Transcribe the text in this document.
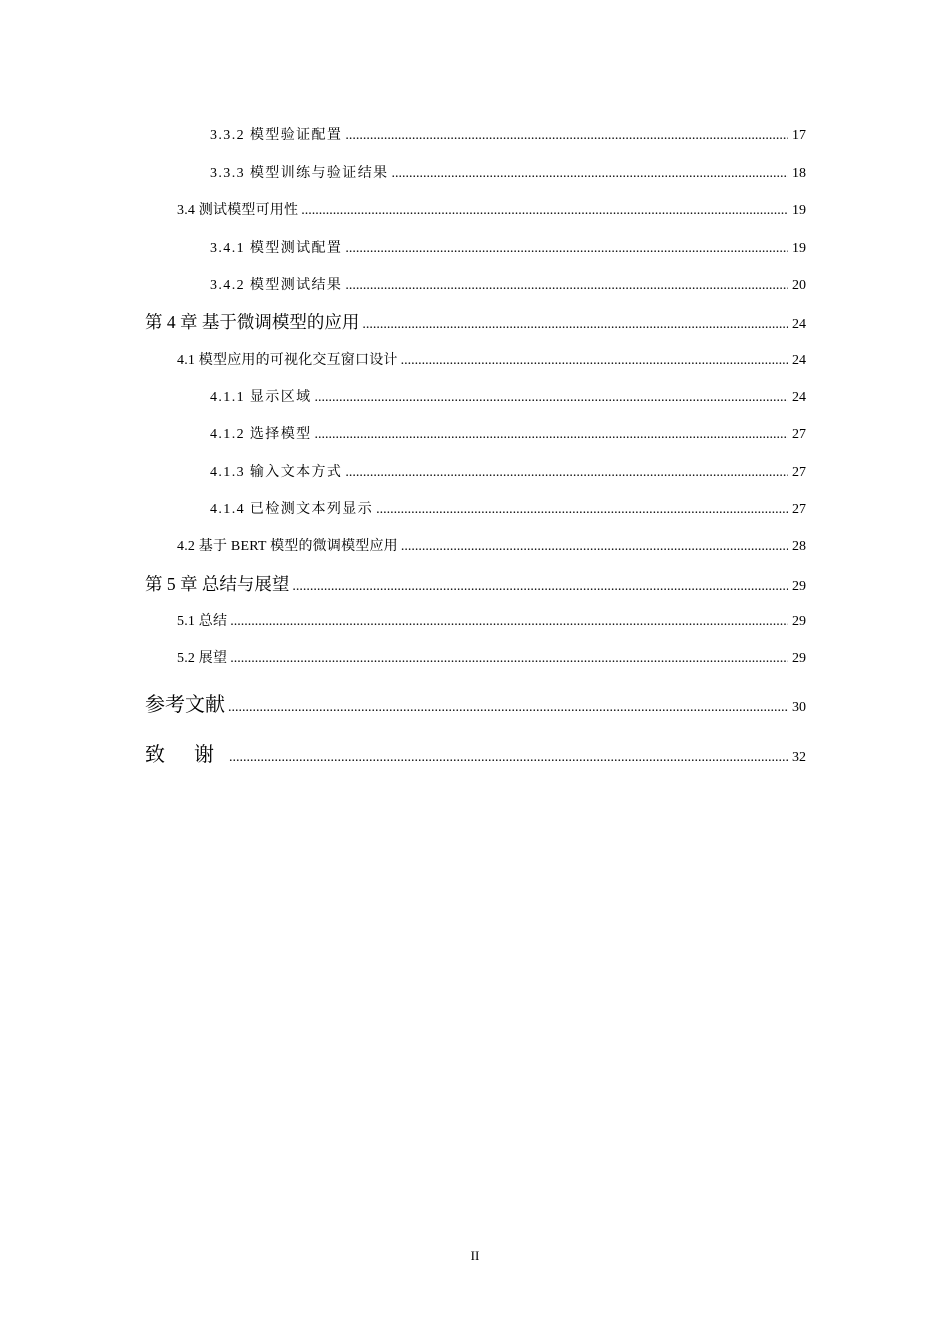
3.3.2 模型验证配置 .....	17
3.3.3 模型训练与验证结果 .....	18
3.4 测试模型可用性 .....	19
3.4.1 模型测试配置 .....	19
3.4.2 模型测试结果 .....	20
第 4 章 基于微调模型的应用 .....	24
4.1 模型应用的可视化交互窗口设计 .....	24
4.1.1 显示区域 .....	24
4.1.2 选择模型 .....	27
4.1.3 输入文本方式 .....	27
4.1.4 已检测文本列显示 .....	27
4.2 基于 BERT 模型的微调模型应用 .....	28
第 5 章 总结与展望 .....	29
5.1 总结 .....	29
5.2 展望 .....	29
参考文献 .....	30
致 谢 .....	32
II
